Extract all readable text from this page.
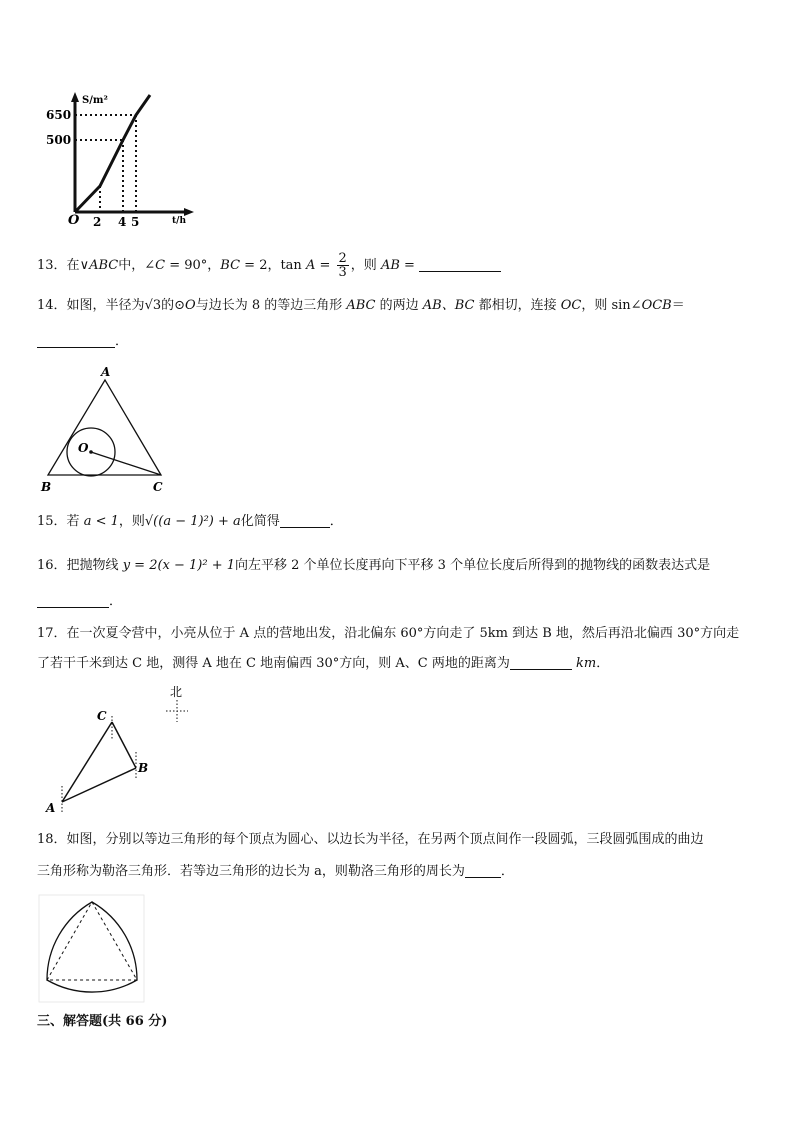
S/m²
650
500
O 2 4 5	t/h
13．在∨ABC中，∠C = 90°，BC = 2，$\tan A = \frac{2}{3}$ ，则 AB =
14．如图，半径为√3的⊙O与边长为 8 的等边三角形 ABC 的两边 AB、BC 都相切，连接 OC，则 sin∠OCB＝
．
A
B	C
O
15．若 a < 1，则√((a − 1)²) + a化简得	．
16．把抛物线 y = 2(x − 1)² + 1向左平移 2 个单位长度再向下平移 3 个单位长度后所得到的抛物线的函数表达式是
．
17．在一次夏令营中，小亮从位于 A 点的营地出发，沿北偏东 60°方向走了 5km 到达 B 地，然后再沿北偏西 30°方向走
了若干千米到达 C 地，测得 A 地在 C 地南偏西 30°方向，则 A、C 两地的距离为	km．
北
A
B
C
18．如图，分别以等边三角形的每个顶点为圆心、以边长为半径，在另两个顶点间作一段圆弧，三段圆弧围成的曲边
三角形称为勒洛三角形．若等边三角形的边长为 a，则勒洛三角形的周长为	．
三、解答题(共 66 分)
